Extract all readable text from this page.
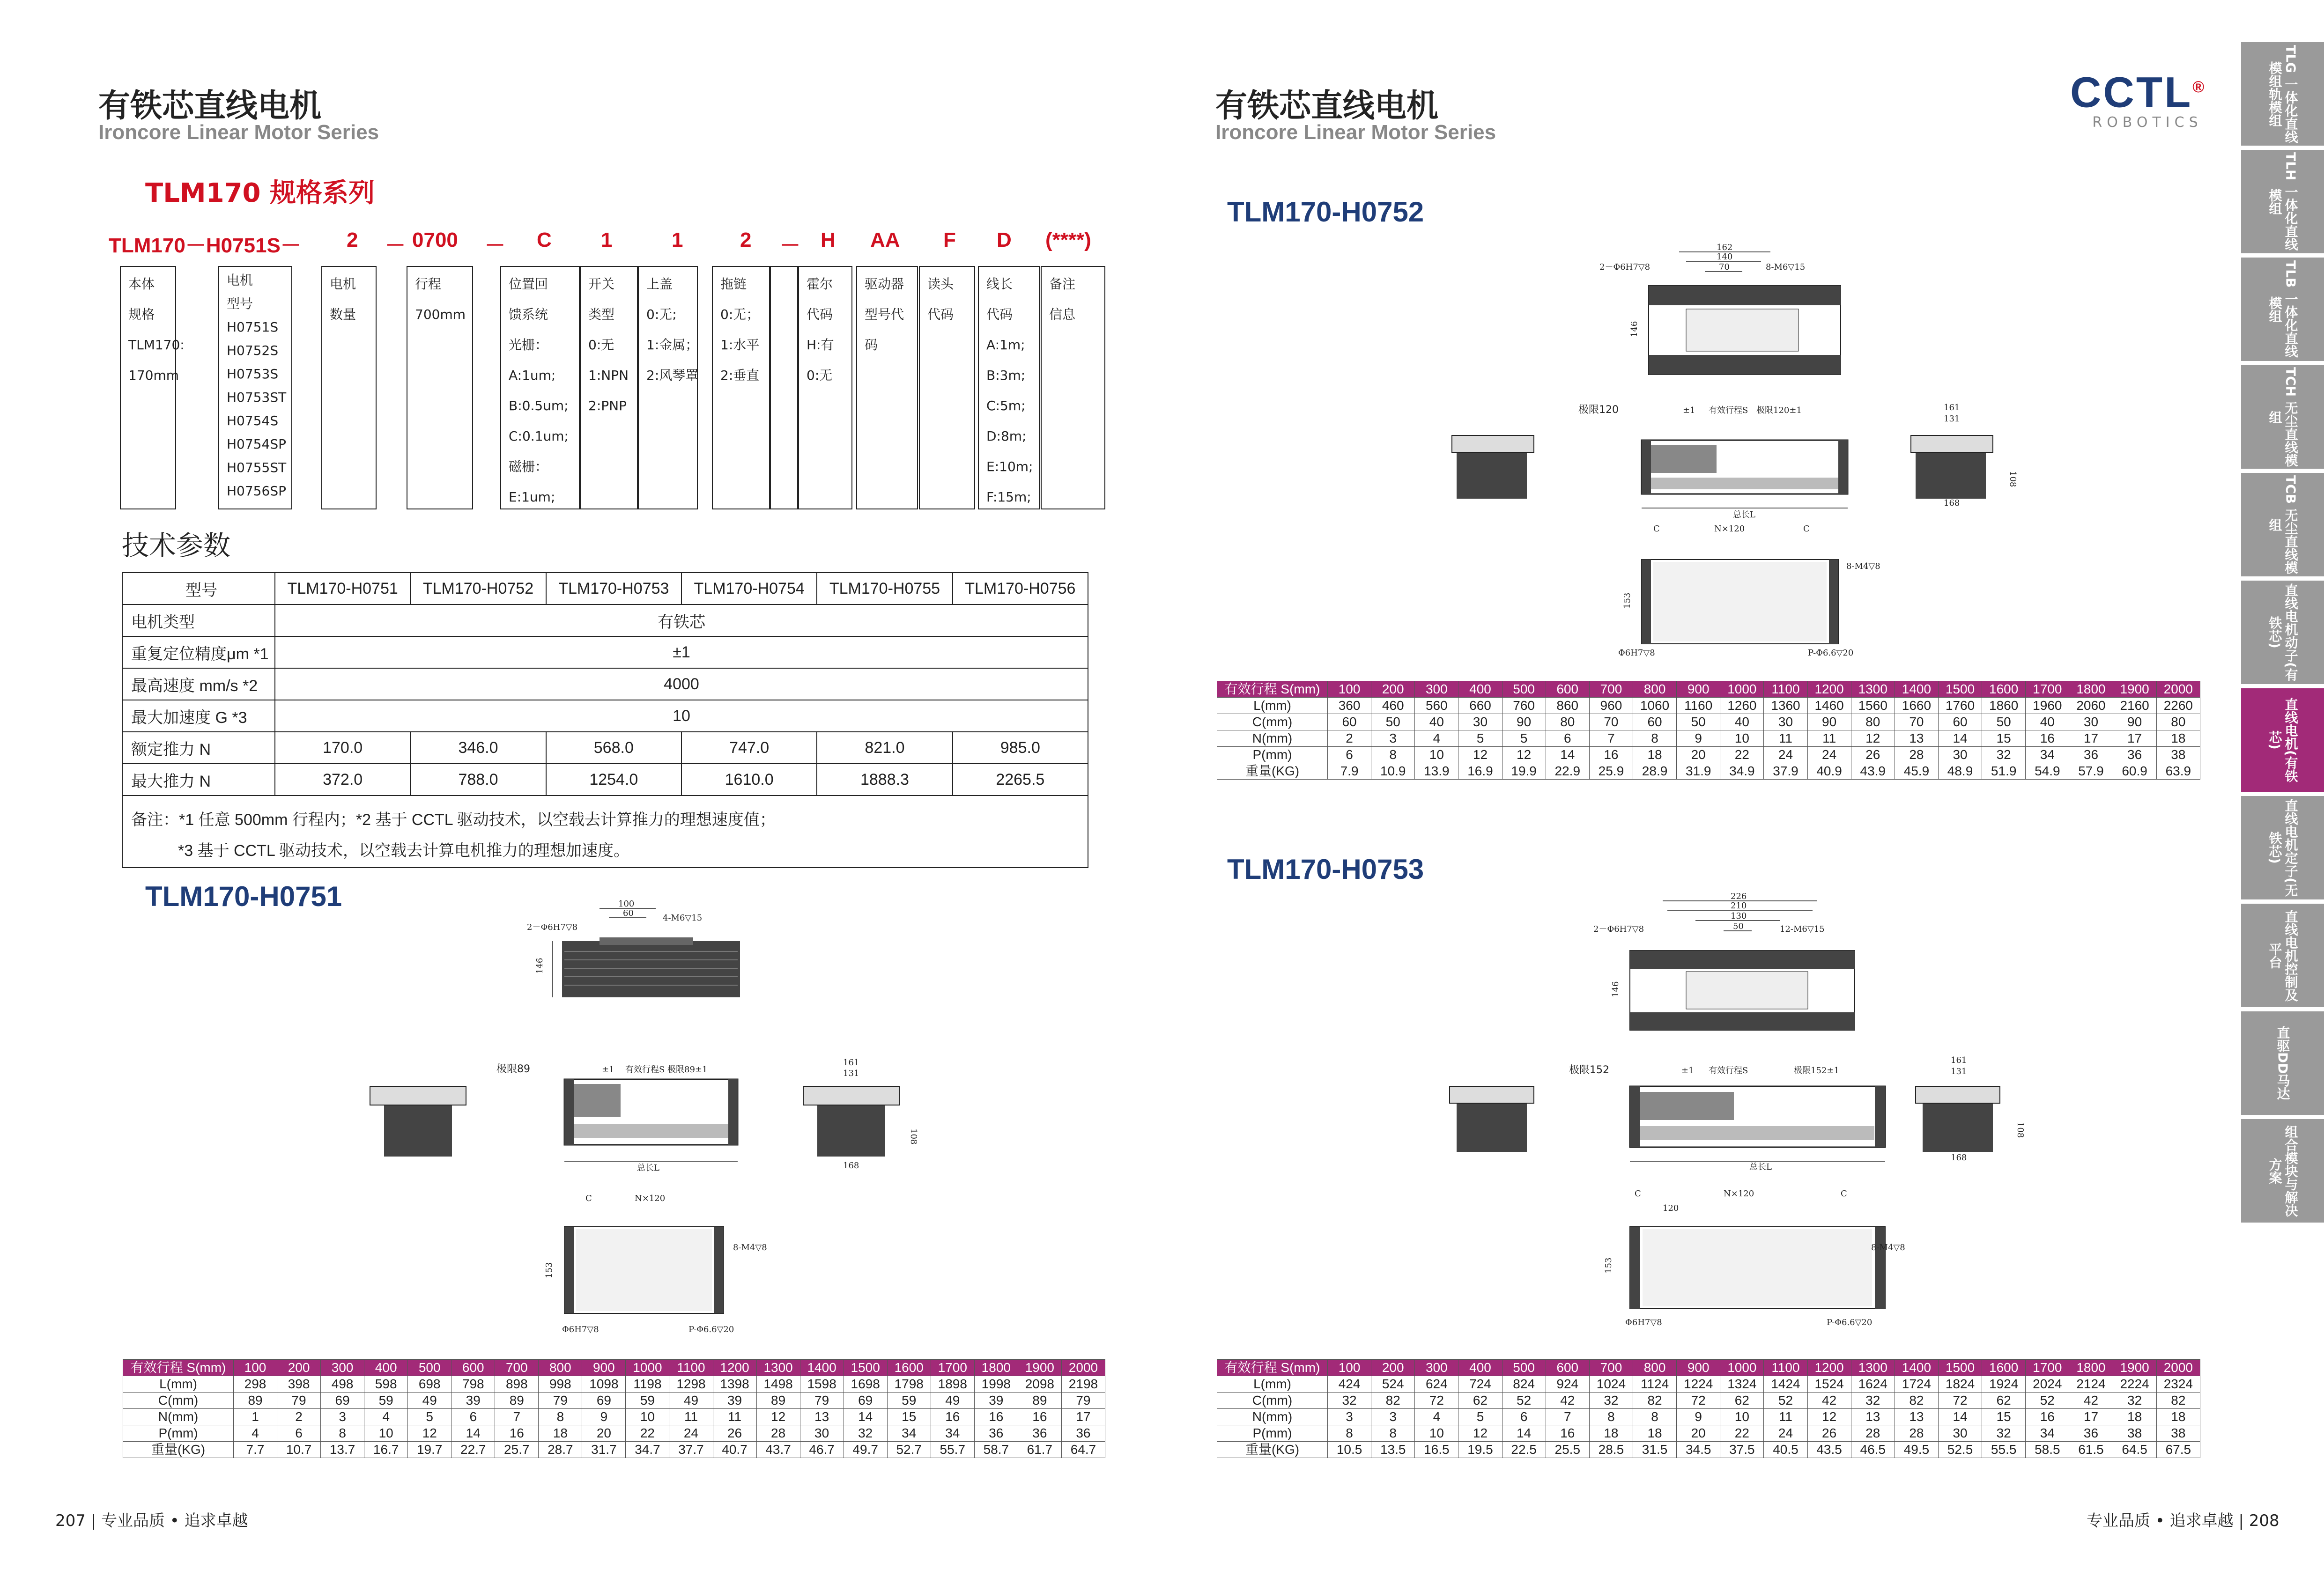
有铁芯直线电机
Ironcore Linear Motor Series
TLM170 规格系列
TLM170－H0751S－ 2 － 0700 － C 1	1	2 － H AA F D (****)
本体
规格
TLM170:
170mm
电机
型号
H0751S
H0752S
H0753S
H0753ST
H0754S
H0754SP
H0755ST
H0756SP
电机
数量
行程
700mm
位置回
馈系统
光栅：
A:1um;
B:0.5um;
C:0.1um;
磁栅：
E:1um;
开关
类型
0:无
1:NPN
2:PNP
上盖
0:无;
1:金属；
2:风琴罩
拖链
0:无；
1:水平
2:垂直
霍尔
代码
H:有
0:无
驱动器
型号代
码
读头
代码
线长
代码
A:1m;
B:3m;
C:5m;
D:8m;
E:10m;
F:15m;
备注
信息
技术参数
型号	TLM170-H0751	TLM170-H0752	TLM170-H0753	TLM170-H0754	TLM170-H0755	TLM170-H0756
电机类型	有铁芯					
重复定位精度μm *1	±1					
最高速度 mm/s *2	4000					
最大加速度 G *3	10					
额定推力 N	170.0	346.0	568.0	747.0	821.0	985.0
最大推力 N	372.0	788.0	1254.0	1610.0	1888.3	2265.5

备注：*1 任意 500mm 行程内；*2 基于 CCTL 驱动技术，以空载去计算推力的理想速度值；
*3 基于 CCTL 驱动技术，以空载去计算电机推力的理想加速度。						
TLM170-H0751	100
60
2－Φ6H7▽8
4-M6▽15
146
极限89	±1 有效行程S 极限89±1
总长L
161
131
108
168
C	N×120
8-M4▽8
153
Φ6H7▽8	P-Φ6.6▽20
有效行程 S(mm)	100	200	300	400	500	600	700	800	900	1000	1100	1200	1300	1400	1500	1600	1700	1800	1900	2000
L(mm)	298	398	498	598	698	798	898	998	1098	1198	1298	1398	1498	1598	1698	1798	1898	1998	2098	2198
C(mm)	89	79	69	59	49	39	89	79	69	59	49	39	89	79	69	59	49	39	89	79
N(mm)	1	2	3	4	5	6	7	8	9	10	11	11	12	13	14	15	16	16	16	17
P(mm)	4	6	8	10	12	14	16	18	20	22	24	26	28	30	32	34	34	36	36	36
重量(KG)	7.7	10.7	13.7	16.7	19.7	22.7	25.7	28.7	31.7	34.7	37.7	40.7	43.7	46.7	49.7	52.7	55.7	58.7	61.7	64.7
207 | 专业品质 • 追求卓越
有铁芯直线电机
Ironcore Linear Motor Series
CCTL®
ROBOTICS
TLM170-H0752
162
140
70
2－Φ6H7▽8	8-M6▽15
146
极限120	±1 有效行程S 极限120±1
总长L
161
131
108
168
C	N×120	C
8-M4▽8
153
Φ6H7▽8	P-Φ6.6▽20
有效行程 S(mm)	100	200	300	400	500	600	700	800	900	1000	1100	1200	1300	1400	1500	1600	1700	1800	1900	2000
L(mm)	360	460	560	660	760	860	960	1060	1160	1260	1360	1460	1560	1660	1760	1860	1960	2060	2160	2260
C(mm)	60	50	40	30	90	80	70	60	50	40	30	90	80	70	60	50	40	30	90	80
N(mm)	2	3	4	5	5	6	7	8	9	10	11	11	12	13	14	15	16	17	17	18
P(mm)	6	8	10	12	12	14	16	18	20	22	24	24	26	28	30	32	34	36	36	38
重量(KG)	7.9	10.9	13.9	16.9	19.9	22.9	25.9	28.9	31.9	34.9	37.9	40.9	43.9	45.9	48.9	51.9	54.9	57.9	60.9	63.9
TLM170-H0753
226
210
130
50
2－Φ6H7▽8	12-M6▽15
146
极限152	±1 有效行程S	极限152±1
总长L
161
131
108
168
C	N×120	C
120
8-M4▽8
153
Φ6H7▽8	P-Φ6.6▽20
有效行程 S(mm)	100	200	300	400	500	600	700	800	900	1000	1100	1200	1300	1400	1500	1600	1700	1800	1900	2000
L(mm)	424	524	624	724	824	924	1024	1124	1224	1324	1424	1524	1624	1724	1824	1924	2024	2124	2224	2324
C(mm)	32	82	72	62	52	42	32	82	72	62	52	42	32	82	72	62	52	42	32	82
N(mm)	3	3	4	5	6	7	8	8	9	10	11	12	13	13	14	15	16	17	18	18
P(mm)	8	8	10	12	14	16	18	18	20	22	24	26	28	28	30	32	34	36	38	38
重量(KG)	10.5	13.5	16.5	19.5	22.5	25.5	28.5	31.5	34.5	37.5	40.5	43.5	46.5	49.5	52.5	55.5	58.5	61.5	64.5	67.5
专业品质 • 追求卓越 | 208
TLG 一体化直线模组轨模组
TLH 一体化直线模组
TLB 一体化直线模组
TCH 无尘直线模组
TCB 无尘直线模组
直线电机动子(有铁芯)
直线电机(有铁芯)
直线电机定子(无铁芯)
直线电机控制及平台
直驱DD马达
组合模块与解决方案
